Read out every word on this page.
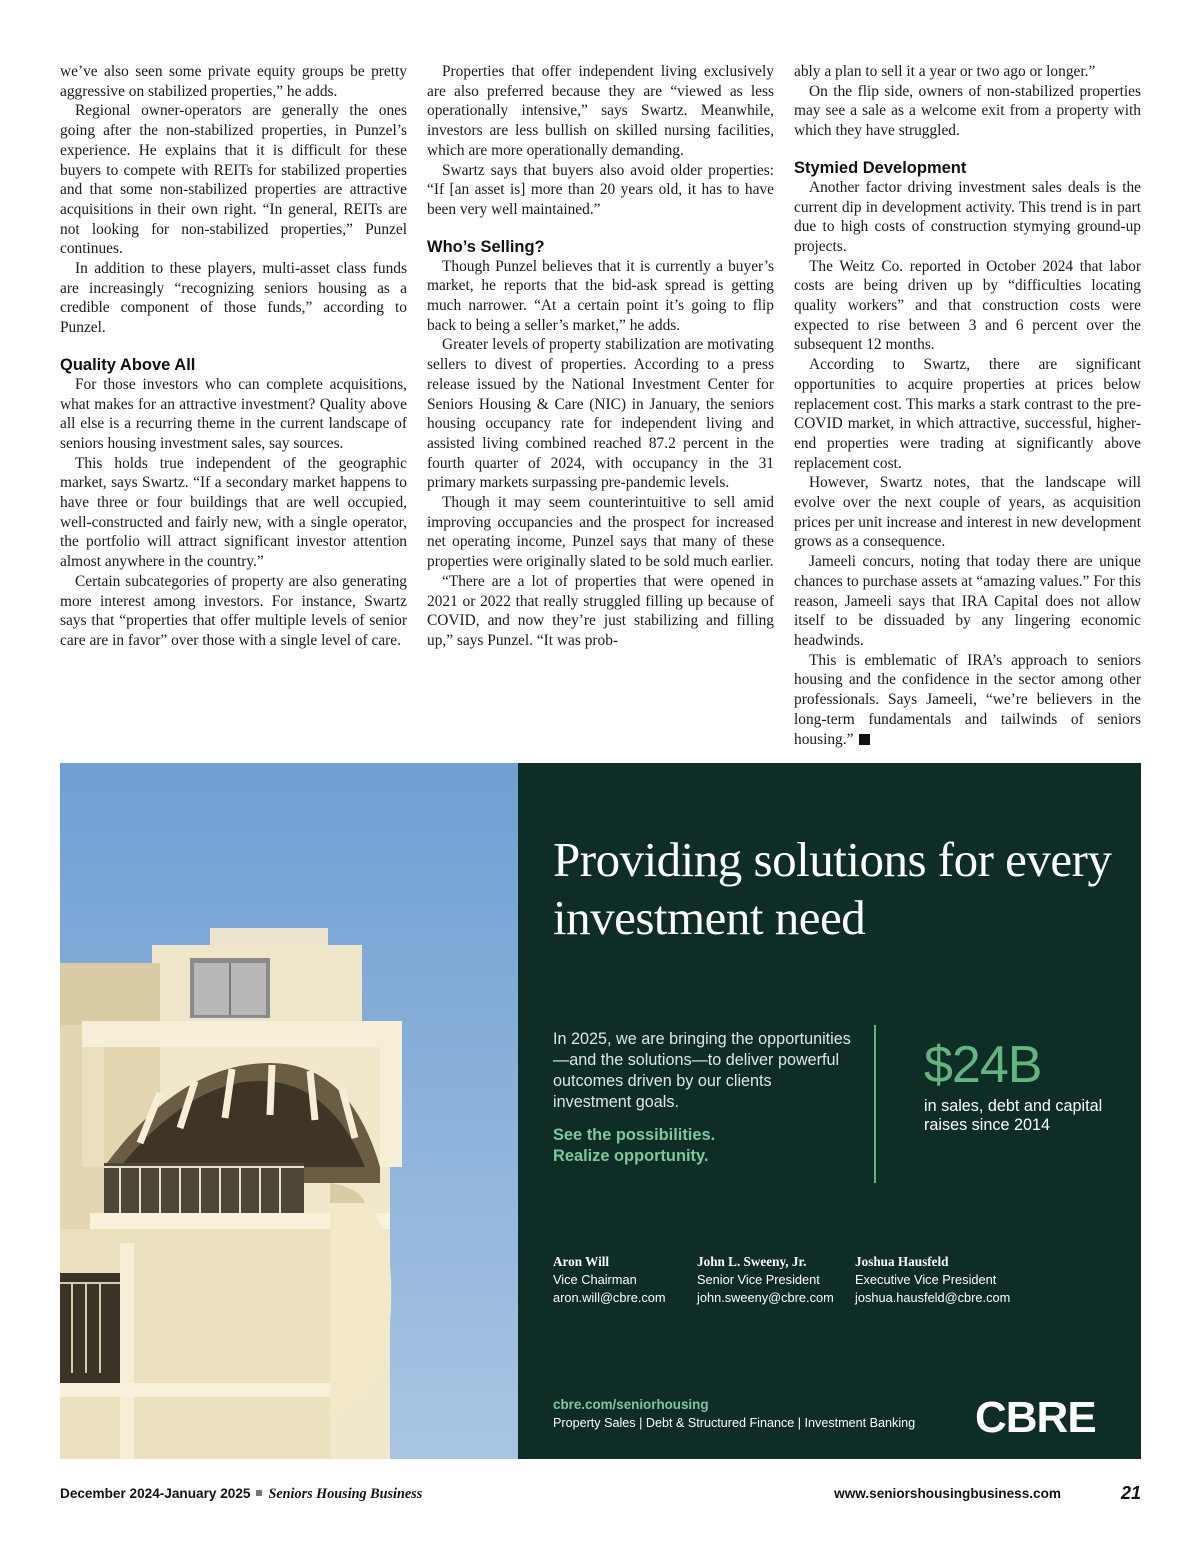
we’ve also seen some private equity groups be pretty aggressive on stabilized properties,” he adds.

Regional owner-operators are generally the ones going after the non-stabilized properties, in Punzel’s experience. He explains that it is difficult for these buyers to compete with REITs for stabilized properties and that some non-stabilized properties are attractive acquisitions in their own right. “In general, REITs are not looking for non-stabilized properties,” Punzel continues.

In addition to these players, multi-asset class funds are increasingly “recognizing seniors housing as a credible component of those funds,” according to Punzel.

Quality Above All

For those investors who can complete acquisitions, what makes for an attractive investment? Quality above all else is a recurring theme in the current landscape of seniors housing investment sales, say sources.

This holds true independent of the geographic market, says Swartz. “If a secondary market happens to have three or four buildings that are well occupied, well-constructed and fairly new, with a single operator, the portfolio will attract significant investor attention almost anywhere in the country.”

Certain subcategories of property are also generating more interest among investors. For instance, Swartz says that “properties that offer multiple levels of senior care are in favor” over those with a single level of care.

Properties that offer independent living exclusively are also preferred because they are “viewed as less operationally intensive,” says Swartz. Meanwhile, investors are less bullish on skilled nursing facilities, which are more operationally demanding.

Swartz says that buyers also avoid older properties: “If [an asset is] more than 20 years old, it has to have been very well maintained.”

Who’s Selling?

Though Punzel believes that it is currently a buyer’s market, he reports that the bid-ask spread is getting much narrower. “At a certain point it’s going to flip back to being a seller’s market,” he adds.

Greater levels of property stabilization are motivating sellers to divest of properties. According to a press release issued by the National Investment Center for Seniors Housing & Care (NIC) in January, the seniors housing occupancy rate for independent living and assisted living combined reached 87.2 percent in the fourth quarter of 2024, with occupancy in the 31 primary markets surpassing pre-pandemic levels.

Though it may seem counterintuitive to sell amid improving occupancies and the prospect for increased net operating income, Punzel says that many of these properties were originally slated to be sold much earlier.

“There are a lot of properties that were opened in 2021 or 2022 that really struggled filling up because of COVID, and now they’re just stabilizing and filling up,” says Punzel. “It was prob-

ably a plan to sell it a year or two ago or longer.”

On the flip side, owners of non-stabilized properties may see a sale as a welcome exit from a property with which they have struggled.

Stymied Development

Another factor driving investment sales deals is the current dip in development activity. This trend is in part due to high costs of construction stymying ground-up projects.

The Weitz Co. reported in October 2024 that labor costs are being driven up by “difficulties locating quality workers” and that construction costs were expected to rise between 3 and 6 percent over the subsequent 12 months.

According to Swartz, there are significant opportunities to acquire properties at prices below replacement cost. This marks a stark contrast to the pre-COVID market, in which attractive, successful, higher-end properties were trading at significantly above replacement cost.

However, Swartz notes, that the landscape will evolve over the next couple of years, as acquisition prices per unit increase and interest in new development grows as a consequence.

Jameeli concurs, noting that today there are unique chances to purchase assets at “amazing values.” For this reason, Jameeli says that IRA Capital does not allow itself to be dissuaded by any lingering economic headwinds.

This is emblematic of IRA’s approach to seniors housing and the confidence in the sector among other professionals. Says Jameeli, “we’re believers in the long-term fundamentals and tailwinds of seniors housing.”

Providing solutions for every investment need
In 2025, we are bringing the opportunities—and the solutions—to deliver powerful outcomes driven by our clients investment goals.
See the possibilities.
Realize opportunity.
$24B
in sales, debt and capital raises since 2014
Aron Will
Vice Chairman
aron.will@cbre.com
John L. Sweeny, Jr.
Senior Vice President
john.sweeny@cbre.com
Joshua Hausfeld
Executive Vice President
joshua.hausfeld@cbre.com
cbre.com/seniorhousing
Property Sales | Debt & Structured Finance | Investment Banking CBRE
December 2024-January 2025 Seniors Housing Business	www.seniorshousingbusiness.com	21
